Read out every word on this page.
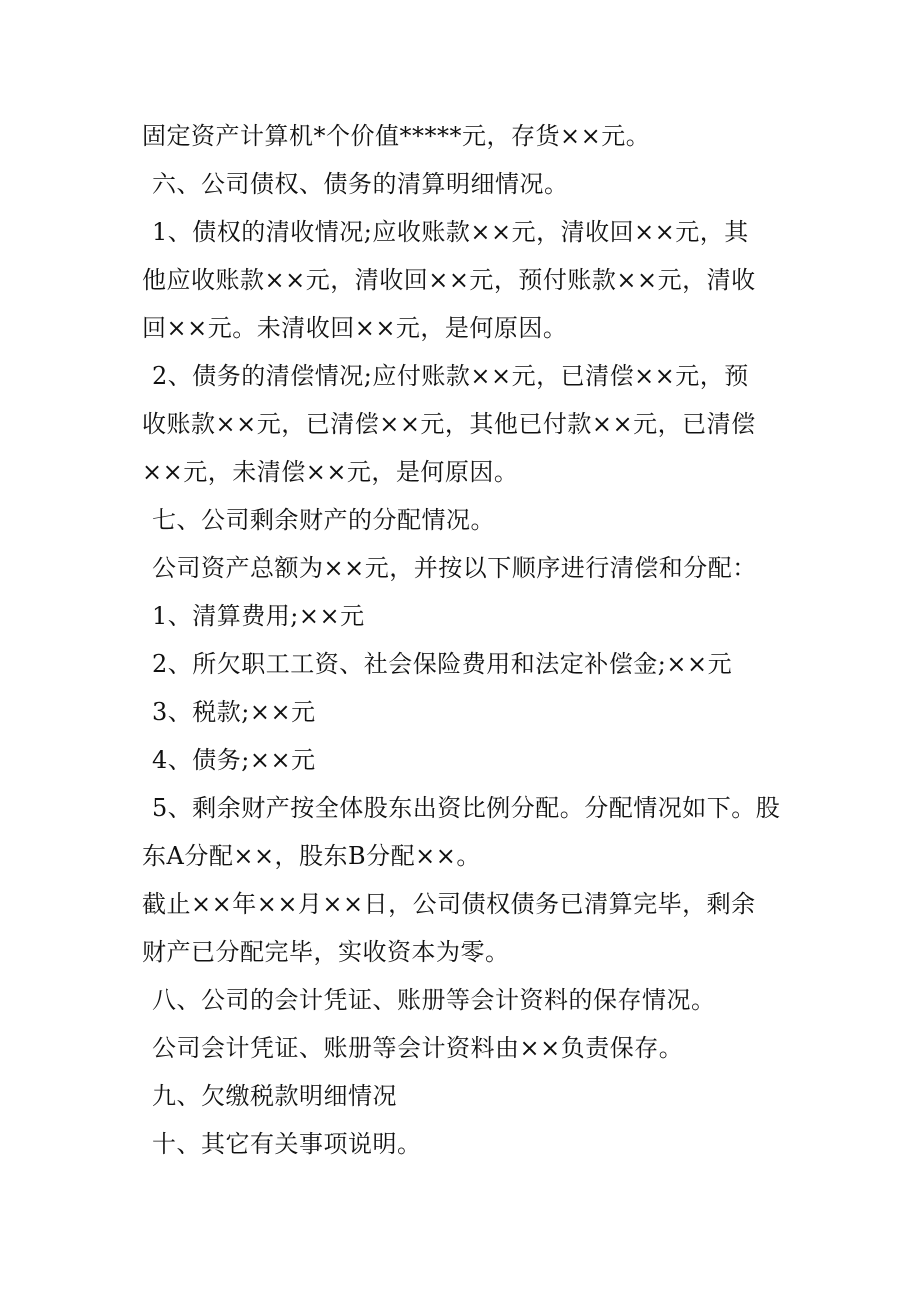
固定资产计算机*个价值*****元，存货××元。
六、公司债权、债务的清算明细情况。
1、债权的清收情况;应收账款××元，清收回××元，其
他应收账款××元，清收回××元，预付账款××元，清收
回××元。未清收回××元，是何原因。
2、债务的清偿情况;应付账款××元，已清偿××元，预
收账款××元，已清偿××元，其他已付款××元，已清偿
××元，未清偿××元，是何原因。
七、公司剩余财产的分配情况。
公司资产总额为××元，并按以下顺序进行清偿和分配：
1、清算费用;××元
2、所欠职工工资、社会保险费用和法定补偿金;××元
3、税款;××元
4、债务;××元
5、剩余财产按全体股东出资比例分配。分配情况如下。股
东A分配××，股东B分配××。
截止××年××月××日，公司债权债务已清算完毕，剩余
财产已分配完毕，实收资本为零。
八、公司的会计凭证、账册等会计资料的保存情况。
公司会计凭证、账册等会计资料由××负责保存。
九、欠缴税款明细情况
十、其它有关事项说明。
